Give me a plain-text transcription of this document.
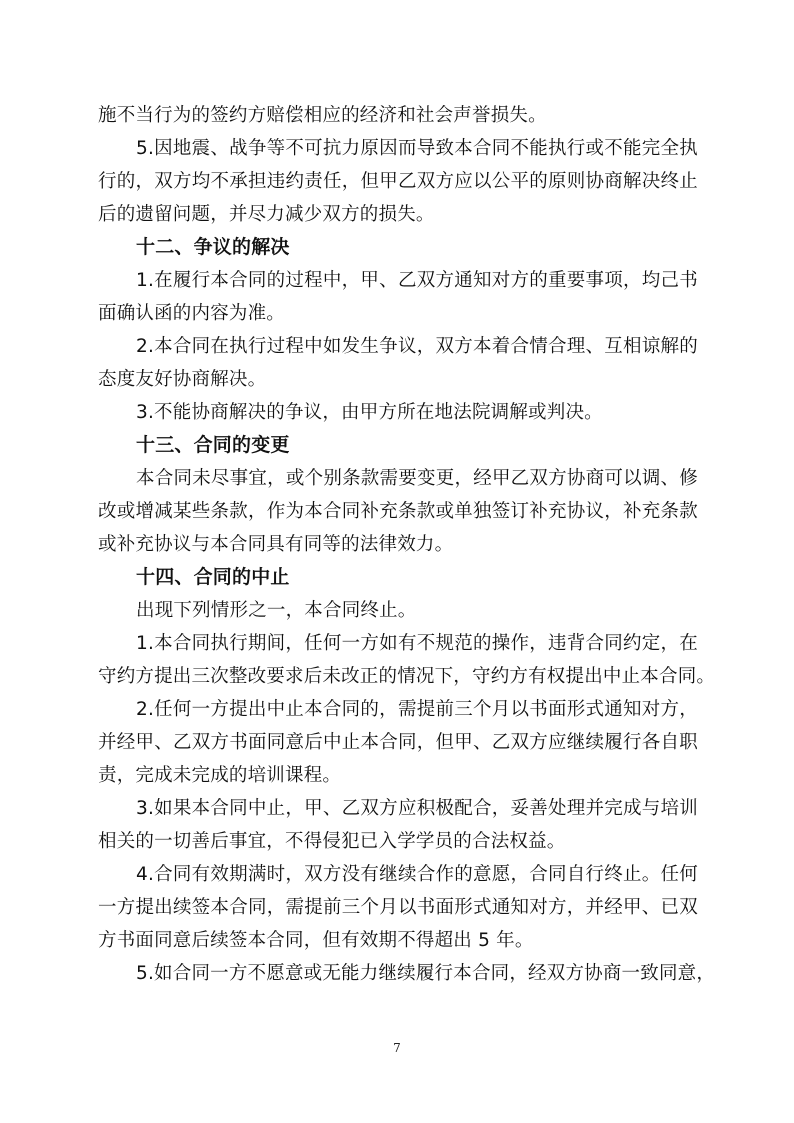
施不当行为的签约方赔偿相应的经济和社会声誉损失。
5.因地震、战争等不可抗力原因而导致本合同不能执行或不能完全执
行的，双方均不承担违约责任，但甲乙双方应以公平的原则协商解决终止
后的遗留问题，并尽力减少双方的损失。
十二、争议的解决
1.在履行本合同的过程中，甲、乙双方通知对方的重要事项，均己书
面确认函的内容为准。
2.本合同在执行过程中如发生争议，双方本着合情合理、互相谅解的
态度友好协商解决。
3.不能协商解决的争议，由甲方所在地法院调解或判决。
十三、合同的变更
本合同未尽事宜，或个别条款需要变更，经甲乙双方协商可以调、修
改或增减某些条款，作为本合同补充条款或单独签订补充协议，补充条款
或补充协议与本合同具有同等的法律效力。
十四、合同的中止
出现下列情形之一，本合同终止。
1.本合同执行期间，任何一方如有不规范的操作，违背合同约定，在
守约方提出三次整改要求后未改正的情况下，守约方有权提出中止本合同。
2.任何一方提出中止本合同的，需提前三个月以书面形式通知对方，
并经甲、乙双方书面同意后中止本合同，但甲、乙双方应继续履行各自职
责，完成未完成的培训课程。
3.如果本合同中止，甲、乙双方应积极配合，妥善处理并完成与培训
相关的一切善后事宜，不得侵犯已入学学员的合法权益。
4.合同有效期满时，双方没有继续合作的意愿，合同自行终止。任何
一方提出续签本合同，需提前三个月以书面形式通知对方，并经甲、已双
方书面同意后续签本合同，但有效期不得超出 5 年。
5.如合同一方不愿意或无能力继续履行本合同，经双方协商一致同意，
7
